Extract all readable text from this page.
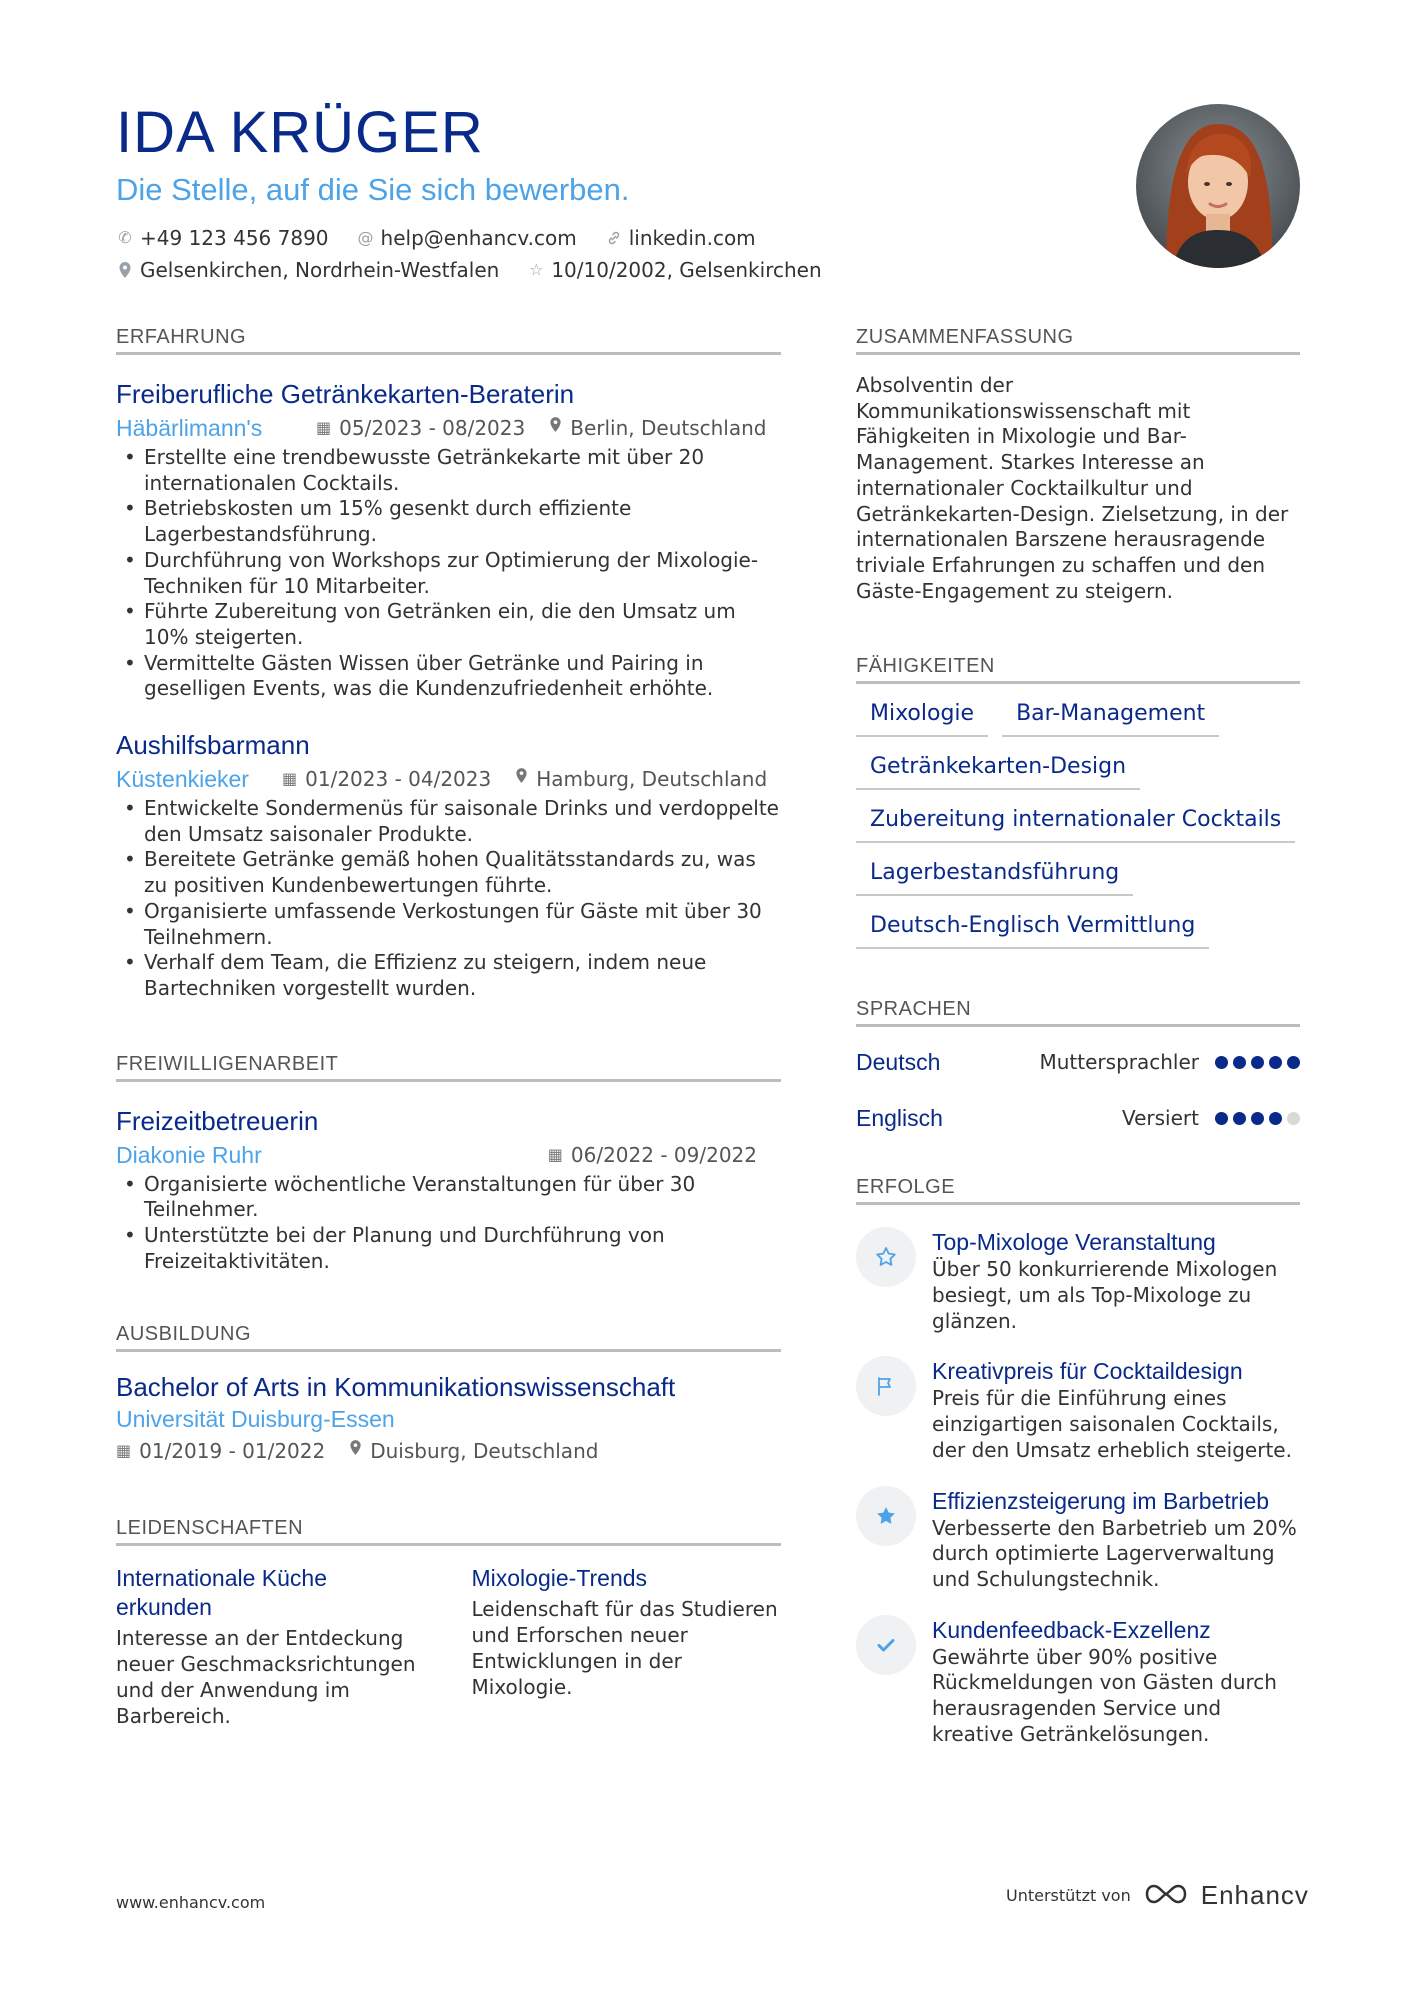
IDA KRÜGER
Die Stelle, auf die Sie sich bewerben.
✆ +49 123 456 7890 @ help@enhancv.com	linkedin.com
Gelsenkirchen, Nordrhein-Westfalen ☆ 10/10/2002, Gelsenkirchen
ERFAHRUNG
Freiberufliche Getränkekarten-Beraterin
Häbärlimann's	▦ 05/2023 - 08/2023 Berlin, Deutschland
• Erstellte eine trendbewusste Getränkekarte mit über 20 internationalen Cocktails.
• Betriebskosten um 15% gesenkt durch effiziente Lagerbestandsführung.
• Durchführung von Workshops zur Optimierung der Mixologie-Techniken für 10 Mitarbeiter.
• Führte Zubereitung von Getränken ein, die den Umsatz um 10% steigerten.
• Vermittelte Gästen Wissen über Getränke und Pairing in geselligen Events, was die Kundenzufriedenheit erhöhte.
Aushilfsbarmann
Küstenkieker	▦ 01/2023 - 04/2023 Hamburg, Deutschland
• Entwickelte Sondermenüs für saisonale Drinks und verdoppelte den Umsatz saisonaler Produkte.
• Bereitete Getränke gemäß hohen Qualitätsstandards zu, was zu positiven Kundenbewertungen führte.
• Organisierte umfassende Verkostungen für Gäste mit über 30 Teilnehmern.
• Verhalf dem Team, die Effizienz zu steigern, indem neue Bartechniken vorgestellt wurden.
FREIWILLIGENARBEIT
Freizeitbetreuerin
Diakonie Ruhr	▦ 06/2022 - 09/2022
• Organisierte wöchentliche Veranstaltungen für über 30 Teilnehmer.
• Unterstützte bei der Planung und Durchführung von Freizeitaktivitäten.
AUSBILDUNG
Bachelor of Arts in Kommunikationswissenschaft
Universität Duisburg-Essen
▦ 01/2019 - 01/2022 Duisburg, Deutschland
LEIDENSCHAFTEN
Internationale Küche erkunden
Interesse an der Entdeckung neuer Geschmacksrichtungen und der Anwendung im Barbereich.
Mixologie-Trends
Leidenschaft für das Studieren und Erforschen neuer Entwicklungen in der Mixologie.
ZUSAMMENFASSUNG
Absolventin der Kommunikationswissenschaft mit Fähigkeiten in Mixologie und Bar-Management. Starkes Interesse an internationaler Cocktailkultur und Getränkekarten-Design. Zielsetzung, in der internationalen Barszene herausragende triviale Erfahrungen zu schaffen und den Gäste-Engagement zu steigern.
FÄHIGKEITEN
Mixologie	Bar-Management
Getränkekarten-Design
Zubereitung internationaler Cocktails
Lagerbestandsführung
Deutsch-Englisch Vermittlung
SPRACHEN
Deutsch	Muttersprachler
Englisch	Versiert
ERFOLGE
Top-Mixologe Veranstaltung
Über 50 konkurrierende Mixologen besiegt, um als Top-Mixologe zu glänzen.
Kreativpreis für Cocktaildesign
Preis für die Einführung eines einzigartigen saisonalen Cocktails, der den Umsatz erheblich steigerte.
Effizienzsteigerung im Barbetrieb
Verbesserte den Barbetrieb um 20% durch optimierte Lagerverwaltung und Schulungstechnik.
Kundenfeedback-Exzellenz
Gewährte über 90% positive Rückmeldungen von Gästen durch herausragenden Service und kreative Getränkelösungen.
www.enhancv.com	Unterstützt von	Enhancv
